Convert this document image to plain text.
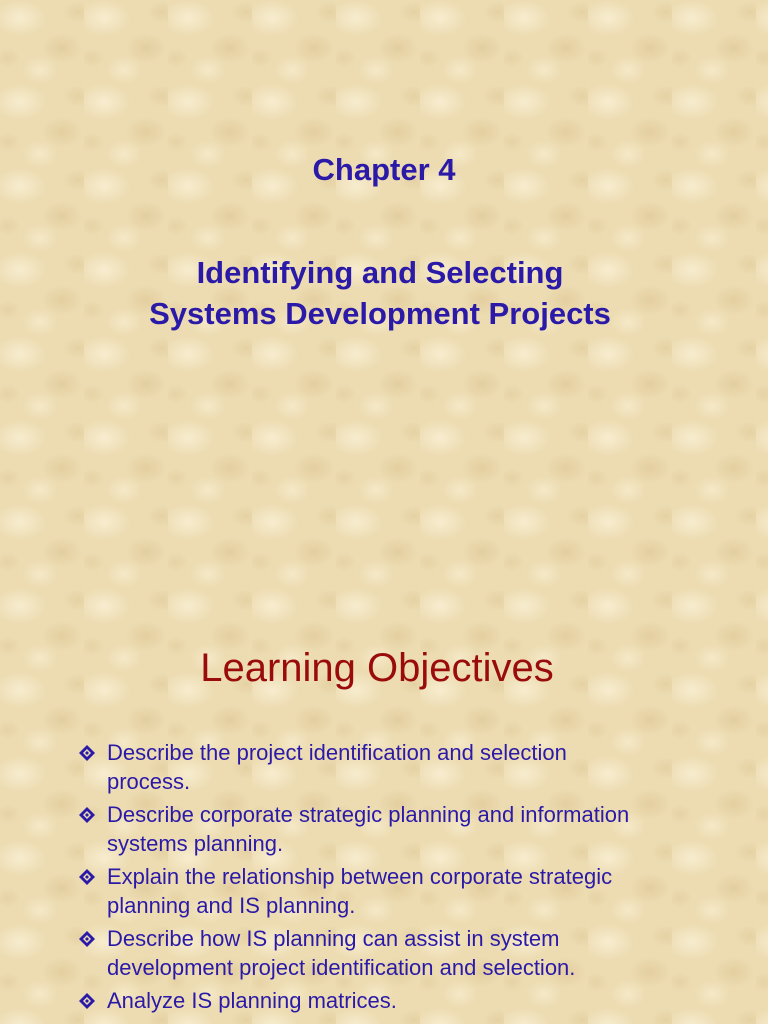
Chapter 4
Identifying and Selecting
Systems Development Projects
Learning Objectives
Describe the project identification and selection
process.
Describe corporate strategic planning and information
systems planning.
Explain the relationship between corporate strategic
planning and IS planning.
Describe how IS planning can assist in system
development project identification and selection.
Analyze IS planning matrices.
